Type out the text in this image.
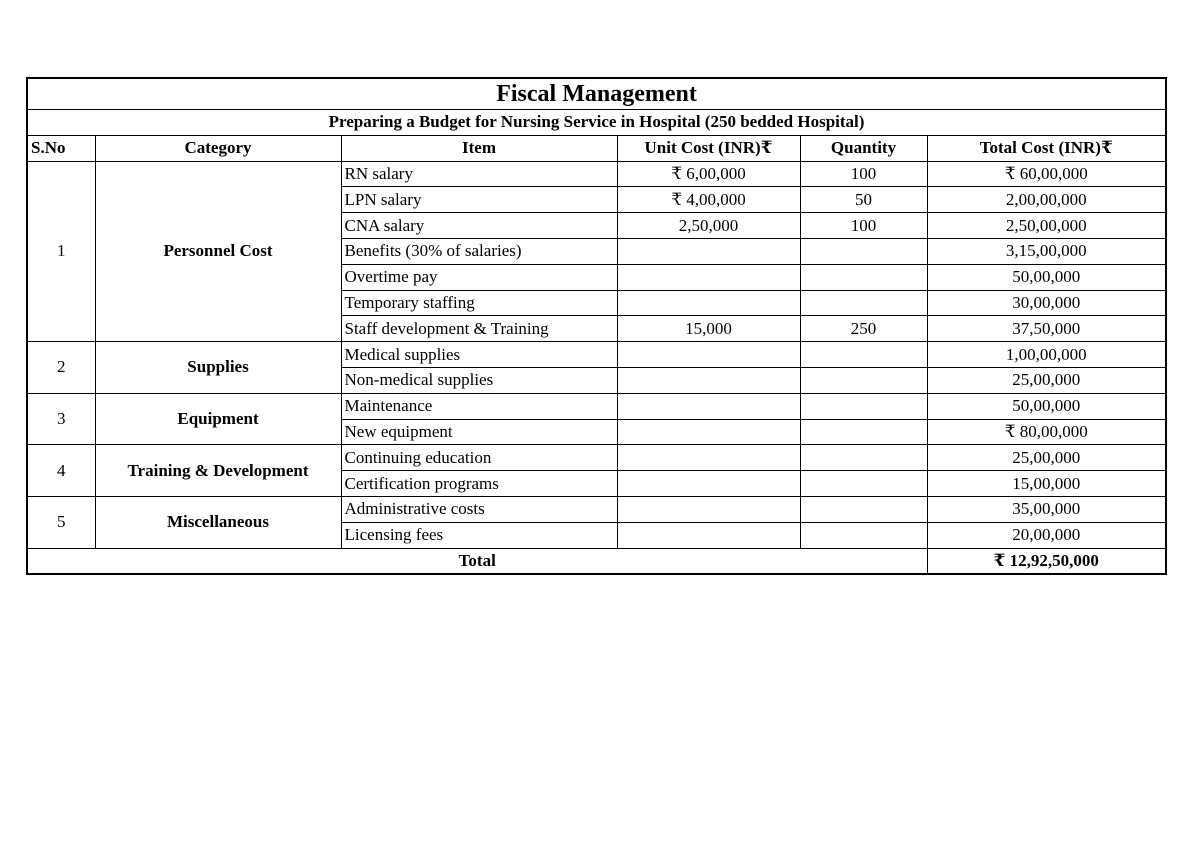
Fiscal Management					
Preparing a Budget for Nursing Service in Hospital (250 bedded Hospital)					
S.No	Category	Item	Unit Cost (INR)₹	Quantity	Total Cost (INR)₹
1	Personnel Cost	RN salary	₹ 6,00,000	100	₹ 60,00,000
		LPN salary	₹ 4,00,000	50	2,00,00,000
		CNA salary	2,50,000	100	2,50,00,000
		Benefits (30% of salaries)			3,15,00,000
		Overtime pay			50,00,000
		Temporary staffing			30,00,000
		Staff development & Training	15,000	250	37,50,000
2	Supplies	Medical supplies			1,00,00,000
		Non-medical supplies			25,00,000
3	Equipment	Maintenance			50,00,000
		New equipment			₹ 80,00,000
4	Training & Development	Continuing education			25,00,000
		Certification programs			15,00,000
5	Miscellaneous	Administrative costs			35,00,000
		Licensing fees			20,00,000
Total					₹ 12,92,50,000
